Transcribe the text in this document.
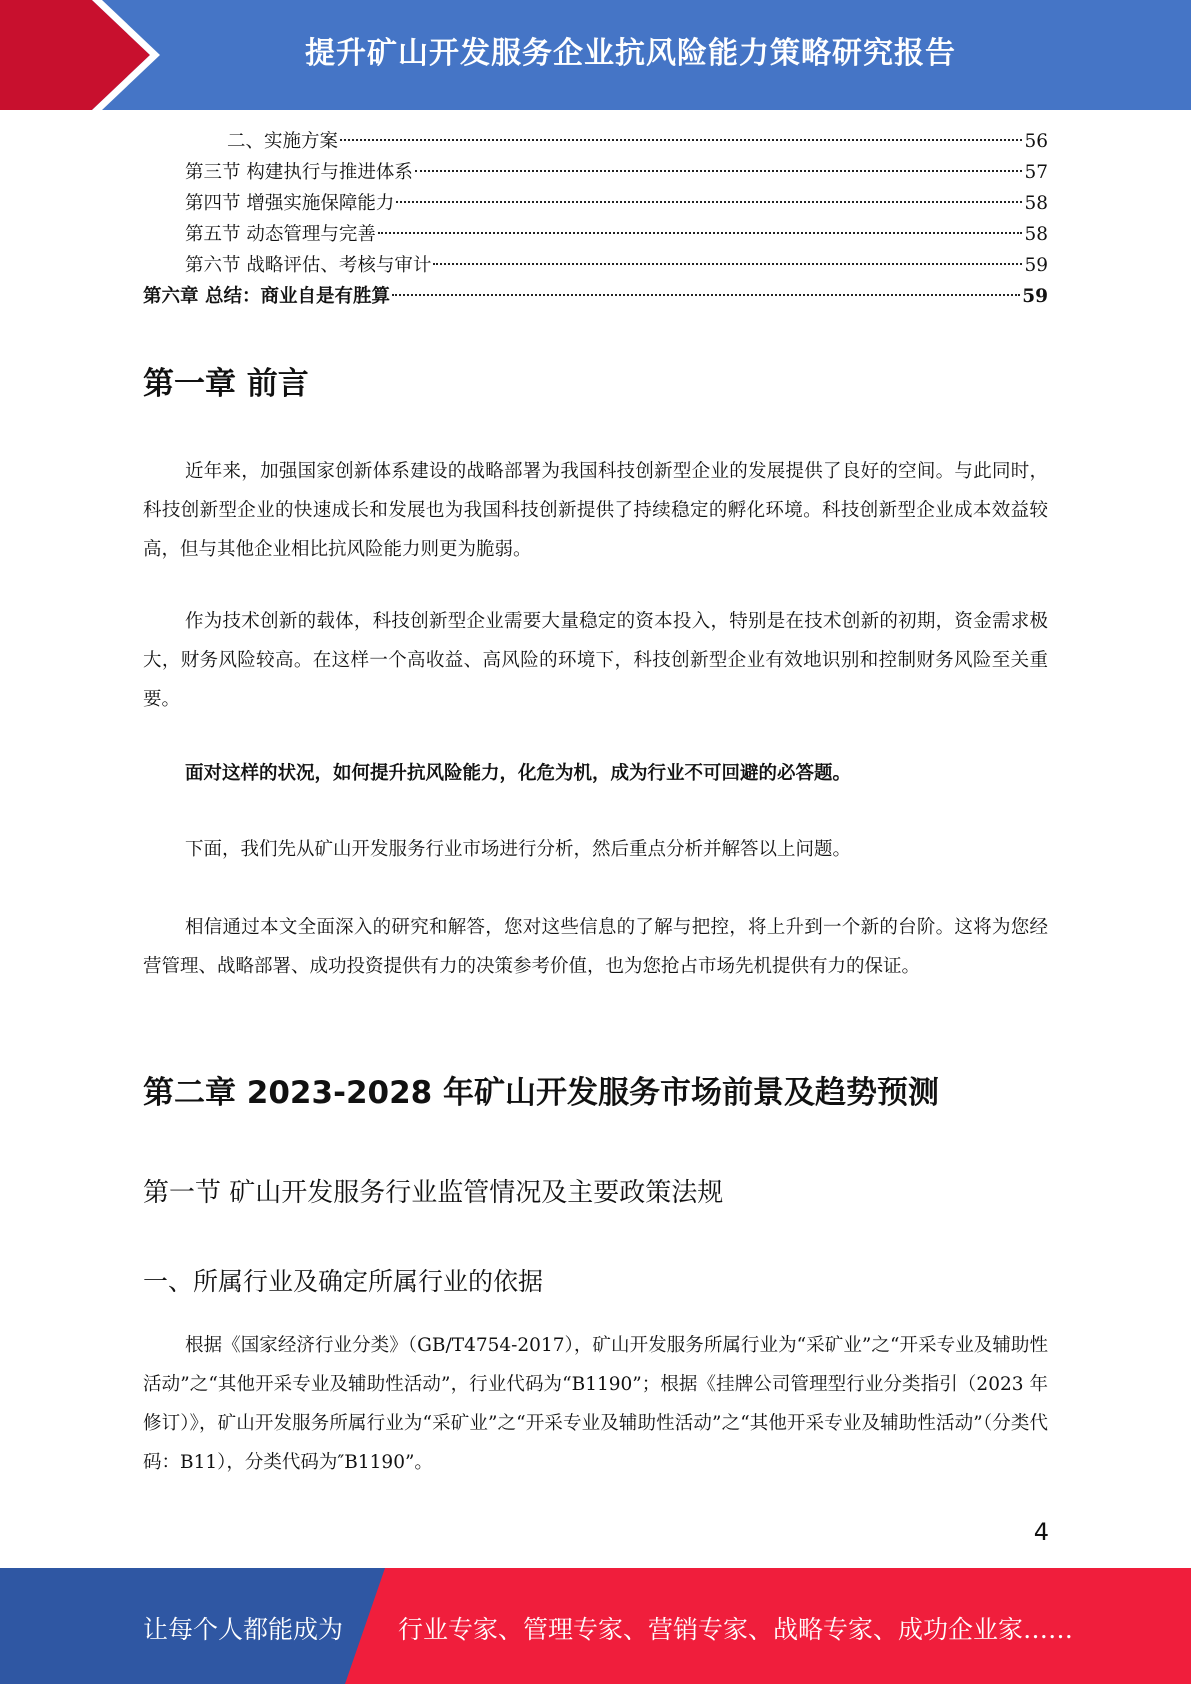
提升矿山开发服务企业抗风险能力策略研究报告
二、实施方案	56
第三节 构建执行与推进体系	57
第四节 增强实施保障能力	58
第五节 动态管理与完善	58
第六节 战略评估、考核与审计	59
第六章 总结：商业自是有胜算	59
第一章 前言

近年来，加强国家创新体系建设的战略部署为我国科技创新型企业的发展提供了良好的空间。与此同时，科技创新型企业的快速成长和发展也为我国科技创新提供了持续稳定的孵化环境。科技创新型企业成本效益较高，但与其他企业相比抗风险能力则更为脆弱。

作为技术创新的载体，科技创新型企业需要大量稳定的资本投入，特别是在技术创新的初期，资金需求极大，财务风险较高。在这样一个高收益、高风险的环境下，科技创新型企业有效地识别和控制财务风险至关重要。

面对这样的状况，如何提升抗风险能力，化危为机，成为行业不可回避的必答题。

下面，我们先从矿山开发服务行业市场进行分析，然后重点分析并解答以上问题。

相信通过本文全面深入的研究和解答，您对这些信息的了解与把控，将上升到一个新的台阶。这将为您经营管理、战略部署、成功投资提供有力的决策参考价值，也为您抢占市场先机提供有力的保证。

第二章 2023-2028 年矿山开发服务市场前景及趋势预测
第一节 矿山开发服务行业监管情况及主要政策法规
一、所属行业及确定所属行业的依据

根据《国家经济行业分类》（GB/T4754-2017），矿山开发服务所属行业为“采矿业”之“开采专业及辅助性活动”之“其他开采专业及辅助性活动”，行业代码为“B1190”；根据《挂牌公司管理型行业分类指引（2023 年修订）》，矿山开发服务所属行业为“采矿业”之“开采专业及辅助性活动”之“其他开采专业及辅助性活动”（分类代码：B11），分类代码为″B1190”。

4
让每个人都能成为 行业专家、管理专家、营销专家、战略专家、成功企业家……
